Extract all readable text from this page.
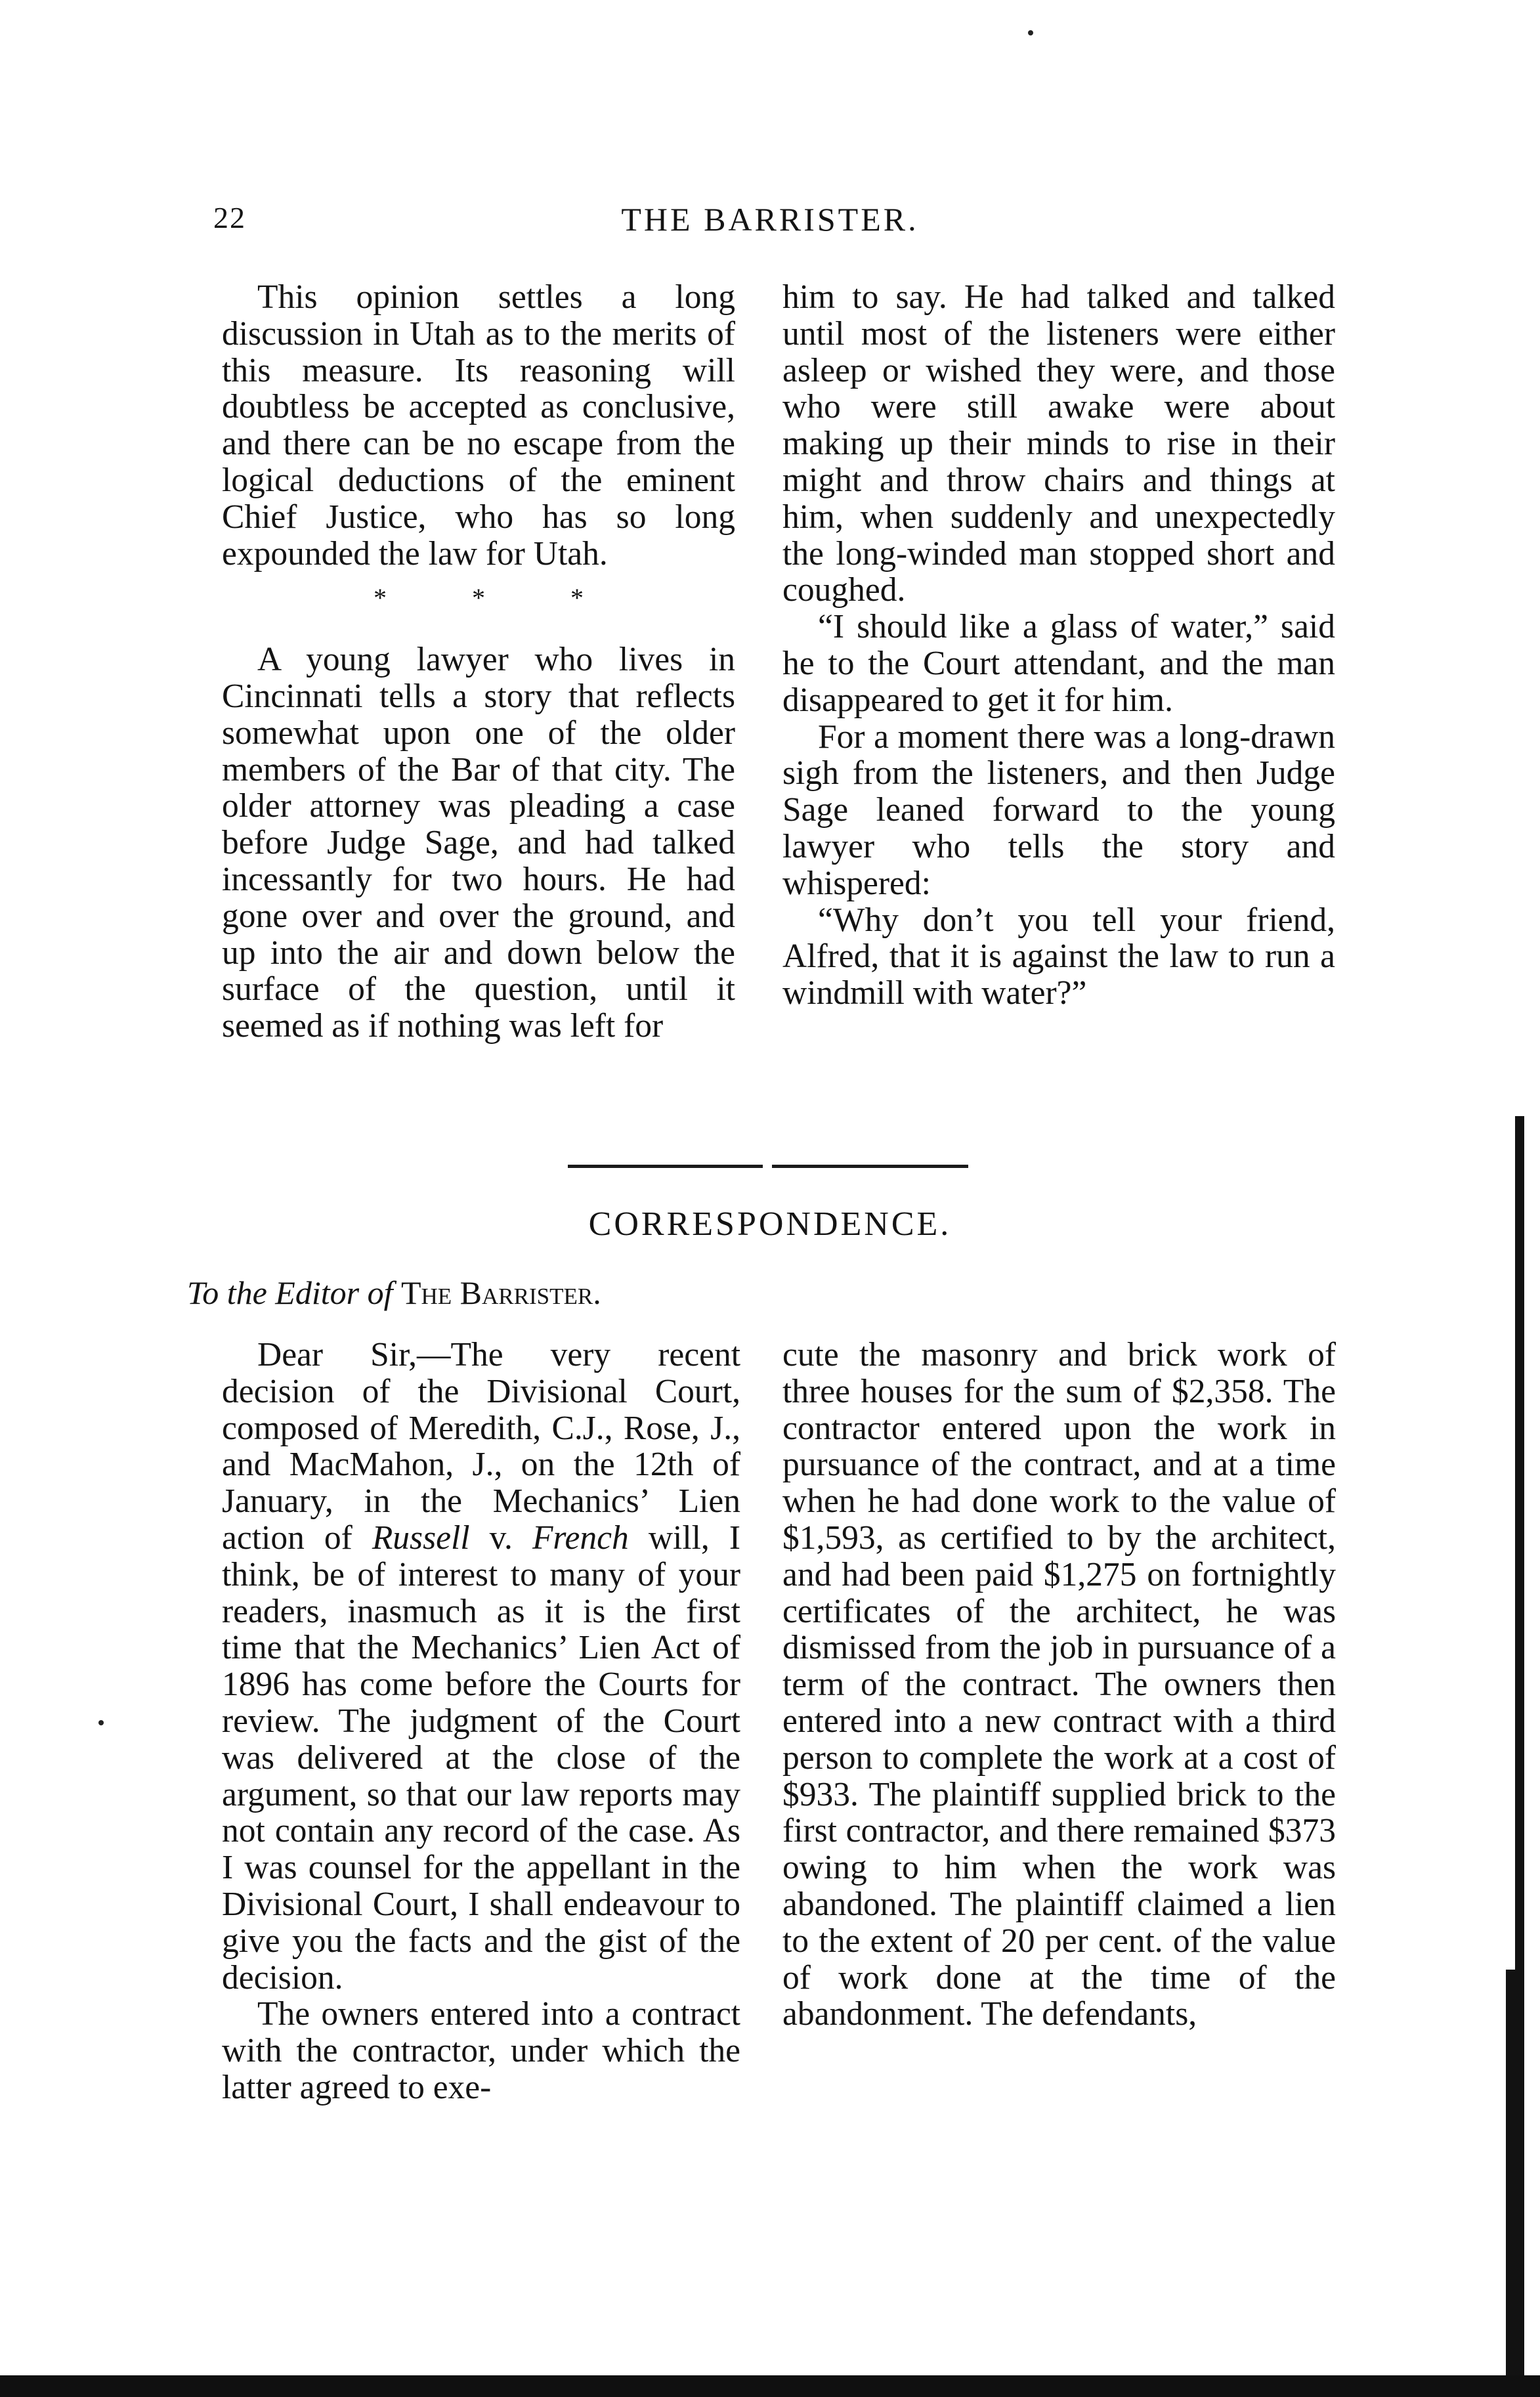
22	THE BARRISTER.

This opinion settles a long discussion in Utah as to the merits of this measure. Its reasoning will doubtless be accepted as conclusive, and there can be no escape from the logical deductions of the eminent Chief Justice, who has so long expounded the law for Utah.

* * *

A young lawyer who lives in Cincinnati tells a story that reflects somewhat upon one of the older members of the Bar of that city. The older attorney was pleading a case before Judge Sage, and had talked incessantly for two hours. He had gone over and over the ground, and up into the air and down below the surface of the question, until it seemed as if nothing was left for

him to say. He had talked and talked until most of the listeners were either asleep or wished they were, and those who were still awake were about making up their minds to rise in their might and throw chairs and things at him, when suddenly and unexpectedly the long-winded man stopped short and coughed.

“I should like a glass of water,” said he to the Court attendant, and the man disappeared to get it for him.

For a moment there was a long-drawn sigh from the listeners, and then Judge Sage leaned forward to the young lawyer who tells the story and whispered:

“Why don’t you tell your friend, Alfred, that it is against the law to run a windmill with water?”

CORRESPONDENCE.
To the Editor of The Barrister.

Dear Sir,—The very recent decision of the Divisional Court, composed of Meredith, C.J., Rose, J., and MacMahon, J., on the 12th of January, in the Mechanics’ Lien action of Russell v. French will, I think, be of interest to many of your readers, inasmuch as it is the first time that the Mechanics’ Lien Act of 1896 has come before the Courts for review. The judgment of the Court was delivered at the close of the argument, so that our law reports may not contain any record of the case. As I was counsel for the appellant in the Divisional Court, I shall endeavour to give you the facts and the gist of the decision.

The owners entered into a contract with the contractor, under which the latter agreed to exe-

cute the masonry and brick work of three houses for the sum of $2,358. The contractor entered upon the work in pursuance of the contract, and at a time when he had done work to the value of $1,593, as certified to by the architect, and had been paid $1,275 on fortnightly certificates of the architect, he was dismissed from the job in pursuance of a term of the contract. The owners then entered into a new contract with a third person to complete the work at a cost of $933. The plaintiff supplied brick to the first contractor, and there remained $373 owing to him when the work was abandoned. The plaintiff claimed a lien to the extent of 20 per cent. of the value of work done at the time of the abandonment. The defendants,
